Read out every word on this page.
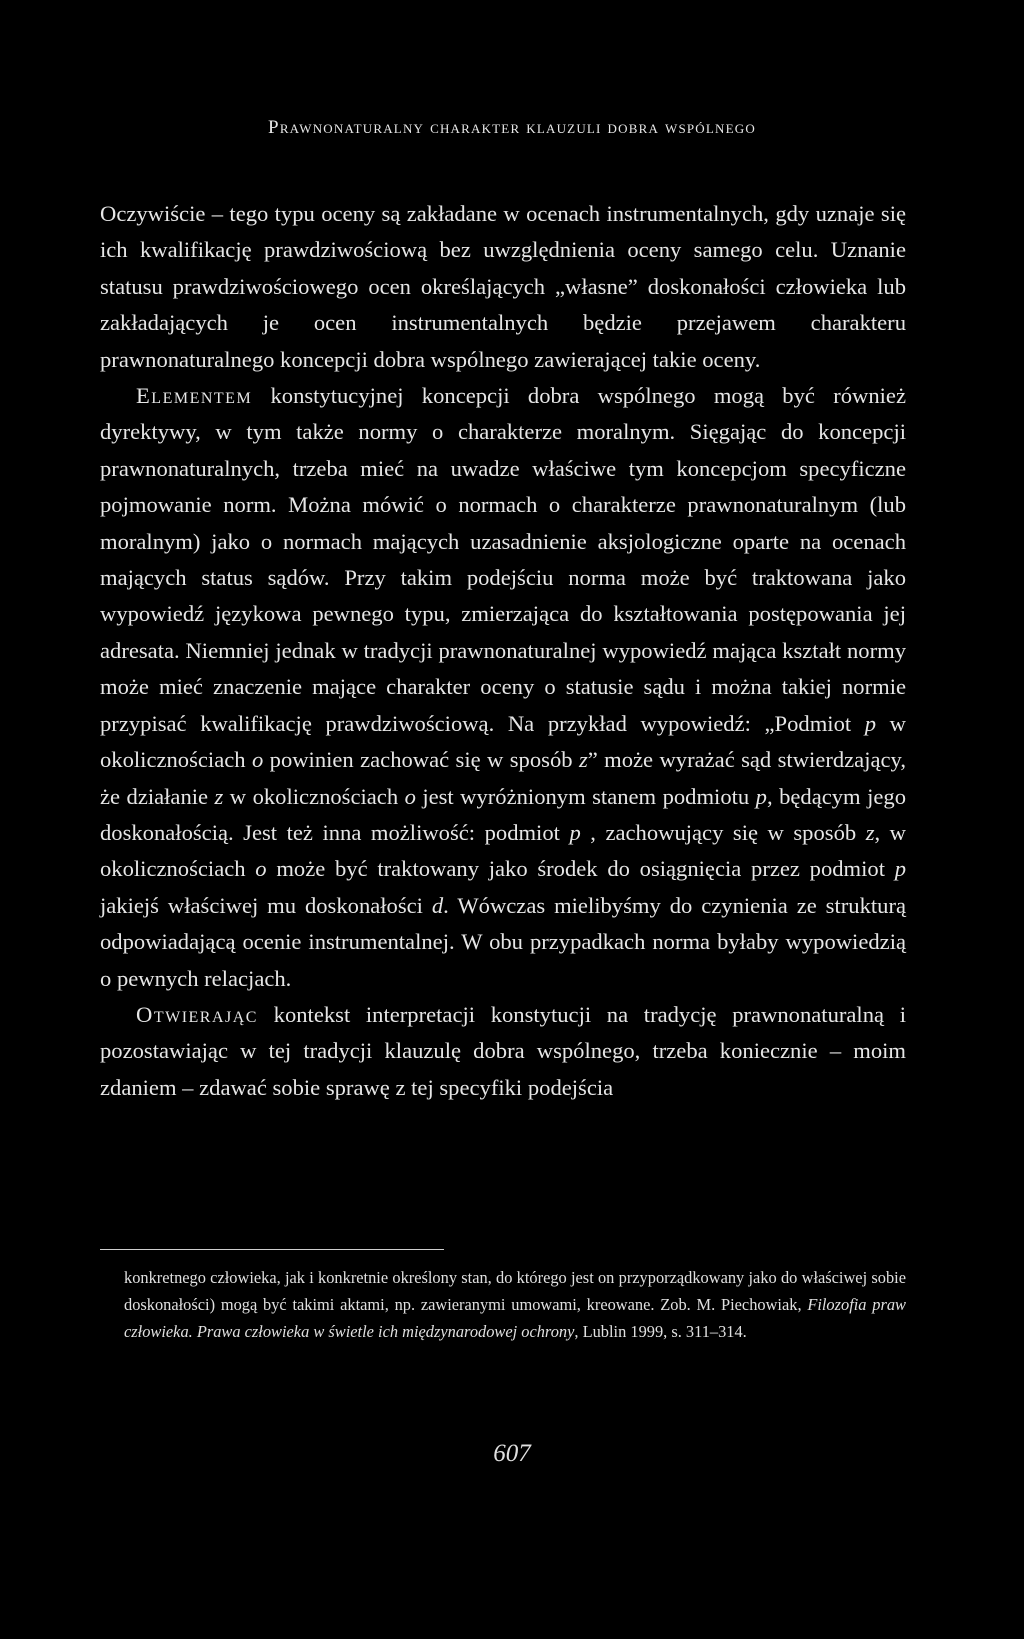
Prawnonaturalny charakter klauzuli dobra wspólnego

Oczywiście – tego typu oceny są zakładane w ocenach instrumentalnych, gdy uznaje się ich kwalifikację prawdziwościową bez uwzględnienia oceny samego celu. Uznanie statusu prawdziwościowego ocen określających „własne” doskonałości człowieka lub zakładających je ocen instrumentalnych będzie przejawem charakteru prawnonaturalnego koncepcji dobra wspólnego zawierającej takie oceny.

Elementem konstytucyjnej koncepcji dobra wspólnego mogą być również dyrektywy, w tym także normy o charakterze moralnym. Sięgając do koncepcji prawnonaturalnych, trzeba mieć na uwadze właściwe tym koncepcjom specyficzne pojmowanie norm. Można mówić o normach o charakterze prawnonaturalnym (lub moralnym) jako o normach mających uzasadnienie aksjologiczne oparte na ocenach mających status sądów. Przy takim podejściu norma może być traktowana jako wypowiedź językowa pewnego typu, zmierzająca do kształtowania postępowania jej adresata. Niemniej jednak w tradycji prawnonaturalnej wypowiedź mająca kształt normy może mieć znaczenie mające charakter oceny o statusie sądu i można takiej normie przypisać kwalifikację prawdziwościową. Na przykład wypowiedź: „Podmiot p w okolicznościach o powinien zachować się w sposób z” może wyrażać sąd stwierdzający, że działanie z w okolicznościach o jest wyróżnionym stanem podmiotu p, będącym jego doskonałością. Jest też inna możliwość: podmiot p , zachowujący się w sposób z, w okolicznościach o może być traktowany jako środek do osiągnięcia przez podmiot p jakiejś właściwej mu doskonałości d. Wówczas mielibyśmy do czynienia ze strukturą odpowiadającą ocenie instrumentalnej. W obu przypadkach norma byłaby wypowiedzią o pewnych relacjach.

Otwierając kontekst interpretacji konstytucji na tradycję prawnonaturalną i pozostawiając w tej tradycji klauzulę dobra wspólnego, trzeba koniecznie – moim zdaniem – zdawać sobie sprawę z tej specyfiki podejścia

konkretnego człowieka, jak i konkretnie określony stan, do którego jest on przyporządkowany jako do właściwej sobie doskonałości) mogą być takimi aktami, np. zawieranymi umowami, kreowane. Zob. M. Piechowiak, Filozofia praw człowieka. Prawa człowieka w świetle ich międzynarodowej ochrony, Lublin 1999, s. 311–314.

607
